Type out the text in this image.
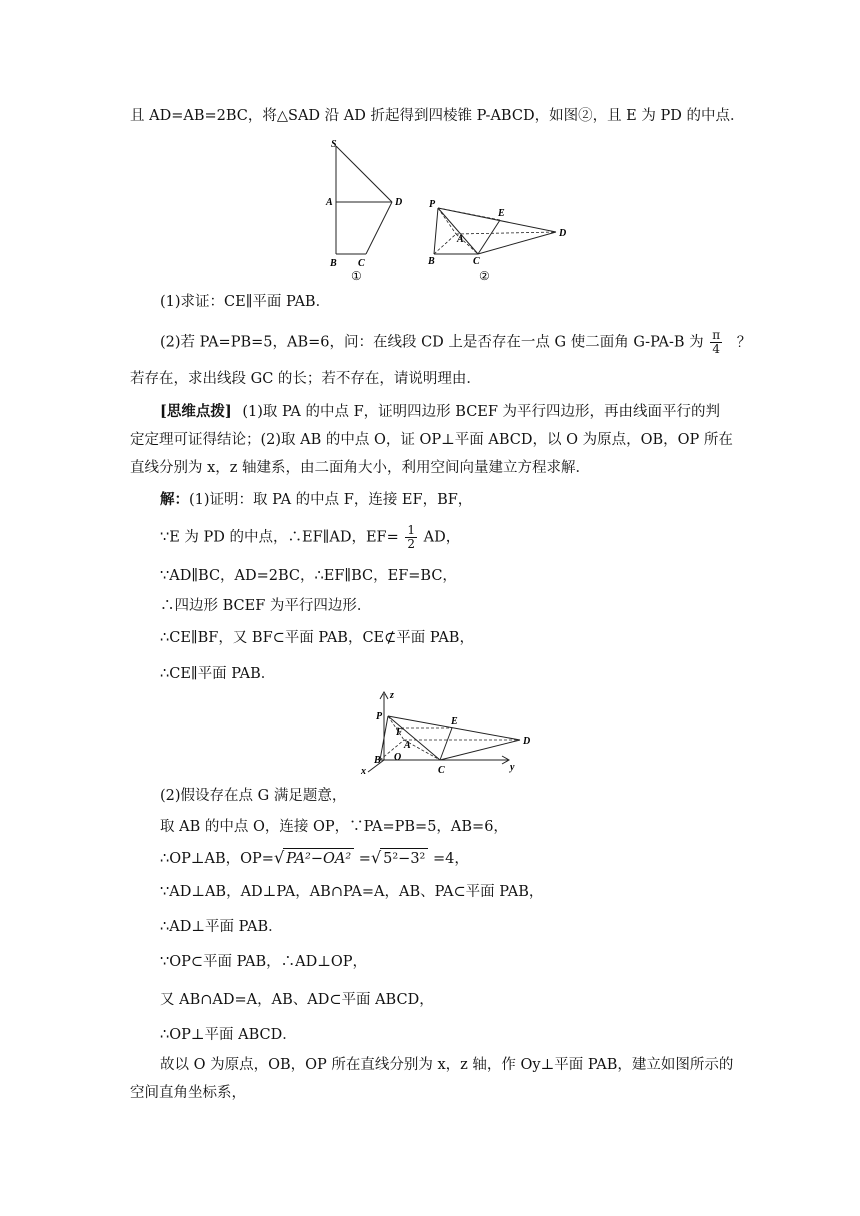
且 AD=AB=2BC，将△SAD 沿 AD 折起得到四棱锥 P-ABCD，如图②，且 E 为 PD 的中点．
S
A	D
B C
①
P
E
A
D
B	C
②
(1)求证：CE∥平面 PAB．
(2)若 PA=PB=5，AB=6，问：在线段 CD 上是否存在一点 G 使二面角 G-PA-B 为 $\frac{\pi}{4}$ ？
若存在，求出线段 GC 的长；若不存在，请说明理由．
[思维点拨] (1)取 PA 的中点 F，证明四边形 BCEF 为平行四边形，再由线面平行的判
定定理可证得结论；(2)取 AB 的中点 O，证 OP⊥平面 ABCD，以 O 为原点，OB，OP 所在
直线分别为 x，z 轴建系，由二面角大小，利用空间向量建立方程求解．
解：(1)证明：取 PA 的中点 F，连接 EF，BF，
∵E 为 PD 的中点，∴EF∥AD，$EF= \frac{1}{2}$ AD，
∵AD∥BC，AD=2BC，∴EF∥BC，EF=BC，
∴四边形 BCEF 为平行四边形．
∴CE∥BF，又 BF⊂平面 PAB，CE⊄平面 PAB，
∴CE∥平面 PAB．
z
P	E
F
A	D
B O
C
x	y
(2)假设存在点 G 满足题意，
取 AB 的中点 O，连接 OP，∵PA=PB=5，AB=6，
∴OP⊥AB，OP=√ PA²−OA² =√ 5²−3² =4，
∵AD⊥AB，AD⊥PA，AB∩PA=A，AB、PA⊂平面 PAB，
∴AD⊥平面 PAB．
∵OP⊂平面 PAB，∴AD⊥OP，
又 AB∩AD=A，AB、AD⊂平面 ABCD，
∴OP⊥平面 ABCD．
故以 O 为原点，OB，OP 所在直线分别为 x，z 轴，作 Oy⊥平面 PAB，建立如图所示的
空间直角坐标系，
